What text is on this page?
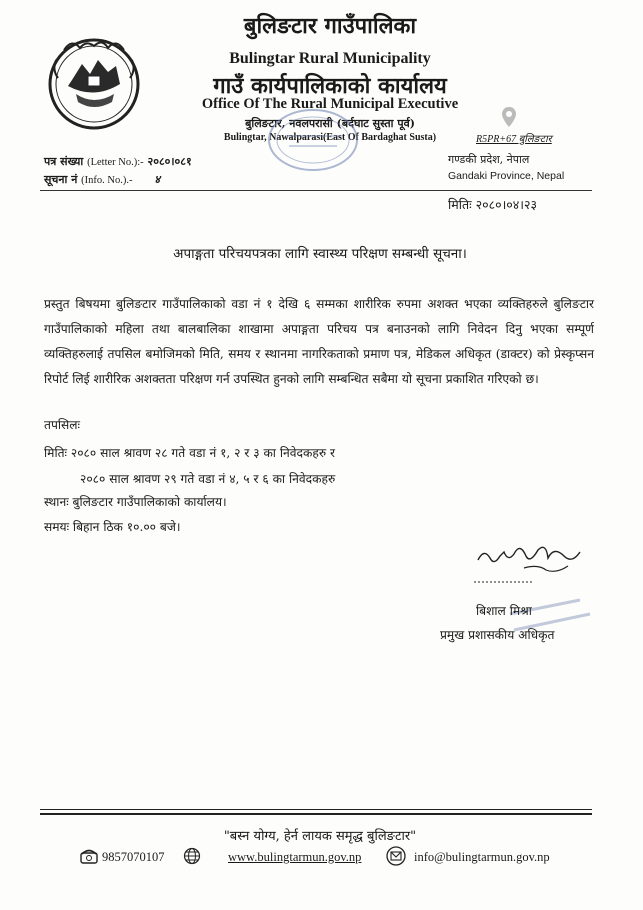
बुलिङटार गाउँपालिका
Bulingtar Rural Municipality
गाउँ कार्यपालिकाको कार्यालय
Office Of The Rural Municipal Executive
बुलिङटार, नवलपरासी (बर्दघाट सुस्ता पूर्व)
Bulingtar, Nawalparasi(East Of Bardaghat Susta)	R5PR+67 बुलिङटार
पत्र संख्या (Letter No.):- २०८०।०८१
सूचना नं (Info. No.).- ४
गण्डकी प्रदेश, नेपाल
Gandaki Province, Nepal
मितिः २०८०।०४।२३
अपाङ्गता परिचयपत्रका लागि स्वास्थ्य परिक्षण सम्बन्धी सूचना।
प्रस्तुत बिषयमा बुलिङटार गाउँपालिकाको वडा नं १ देखि ६ सम्मका शारीरिक रुपमा अशक्त भएका व्यक्तिहरुले बुलिङटार गाउँपालिकाको महिला तथा बालबालिका शाखामा अपाङ्गता परिचय पत्र बनाउनको लागि निवेदन दिनु भएका सम्पूर्ण व्यक्तिहरुलाई तपसिल बमोजिमको मिति, समय र स्थानमा नागरिकताको प्रमाण पत्र, मेडिकल अधिकृत (डाक्टर) को प्रेस्कृप्सन रिपोर्ट लिई शारीरिक अशक्तता परिक्षण गर्न उपस्थित हुनको लागि सम्बन्धित सबैमा यो सूचना प्रकाशित गरिएको छ।
तपसिलः
मितिः २०८० साल श्रावण २८ गते वडा नं १, २ र ३ का निवेदकहरु र
२०८० साल श्रावण २९ गते वडा नं ४, ५ र ६ का निवेदकहरु
स्थानः बुलिङटार गाउँपालिकाको कार्यालय।
समयः बिहान ठिक १०.०० बजे।
बिशाल मिश्रा
प्रमुख प्रशासकीय अधिकृत
"बस्न योग्य, हेर्न लायक समृद्ध बुलिङटार"
9857070107	www.bulingtarmun.gov.np	info@bulingtarmun.gov.np
